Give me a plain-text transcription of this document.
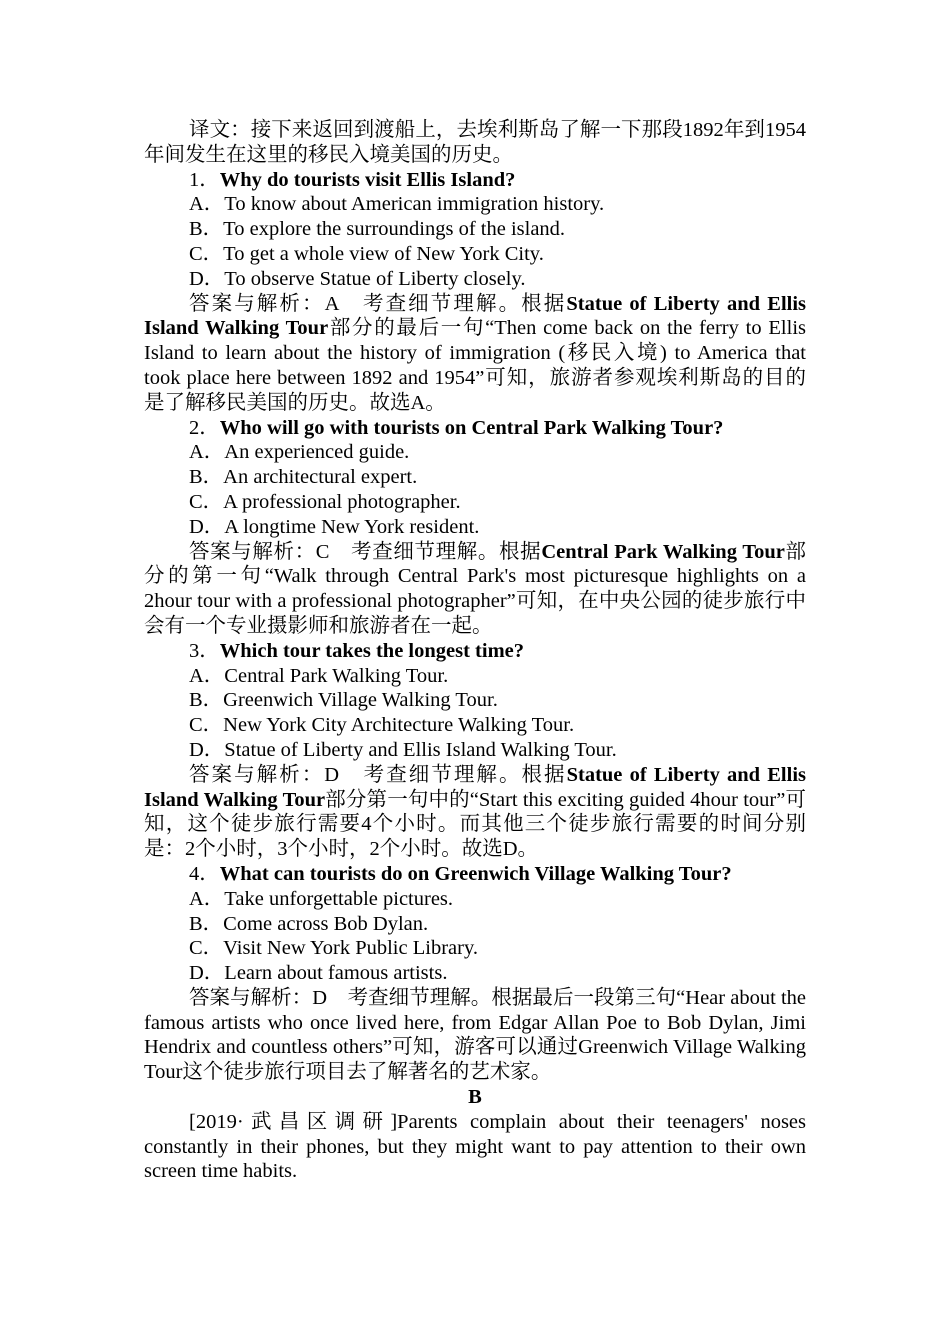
译文：接下来返回到渡船上，去埃利斯岛了解一下那段1892年到1954年间发生在这里的移民入境美国的历史。

1．Why do tourists visit Ellis Island?

A．To know about American immigration history.

B．To explore the surroundings of the island.

C．To get a whole view of New York City.

D．To observe Statue of Liberty closely.

答案与解析：A　考查细节理解。根据Statue of Liberty and Ellis Island Walking Tour部分的最后一句“Then come back on the ferry to Ellis Island to learn about the history of immigration (移民入境) to America that took place here between 1892 and 1954”可知，旅游者参观埃利斯岛的目的是了解移民美国的历史。故选A。

2．Who will go with tourists on Central Park Walking Tour?

A．An experienced guide.

B．An architectural expert.

C．A professional photographer.

D．A longtime New York resident.

答案与解析：C　考查细节理解。根据Central Park Walking Tour部分的第一句“Walk through Central Park's most picturesque highlights on a 2hour tour with a professional photographer”可知，在中央公园的徒步旅行中会有一个专业摄影师和旅游者在一起。

3．Which tour takes the longest time?

A．Central Park Walking Tour.

B．Greenwich Village Walking Tour.

C．New York City Architecture Walking Tour.

D．Statue of Liberty and Ellis Island Walking Tour.

答案与解析：D　考查细节理解。根据Statue of Liberty and Ellis Island Walking Tour部分第一句中的“Start this exciting guided 4hour tour”可知，这个徒步旅行需要4个小时。而其他三个徒步旅行需要的时间分别是：2个小时，3个小时，2个小时。故选D。

4．What can tourists do on Greenwich Village Walking Tour?

A．Take unforgettable pictures.

B．Come across Bob Dylan.

C．Visit New York Public Library.

D．Learn about famous artists.

答案与解析：D　考查细节理解。根据最后一段第三句“Hear about the famous artists who once lived here, from Edgar Allan Poe to Bob Dylan, Jimi Hendrix and countless others”可知，游客可以通过Greenwich Village Walking Tour这个徒步旅行项目去了解著名的艺术家。

B

[2019·武昌区调研]Parents complain about their teenagers' noses constantly in their phones, but they might want to pay attention to their own screen time habits.
